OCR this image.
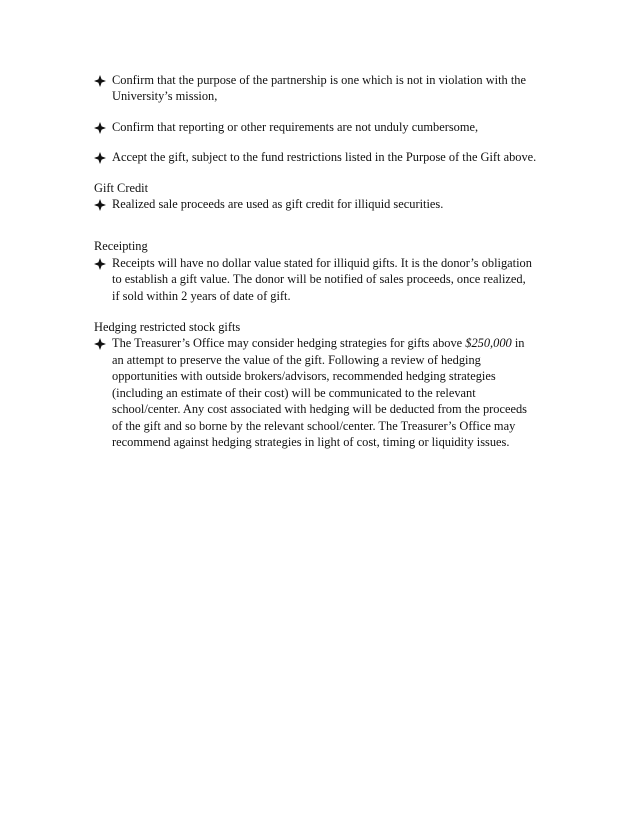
Confirm that the purpose of the partnership is one which is not in violation with the
University’s mission,
Confirm that reporting or other requirements are not unduly cumbersome,
Accept the gift, subject to the fund restrictions listed in the Purpose of the Gift above.
Gift Credit
Realized sale proceeds are used as gift credit for illiquid securities.
Receipting
Receipts will have no dollar value stated for illiquid gifts. It is the donor’s obligation
to establish a gift value. The donor will be notified of sales proceeds, once realized,
if sold within 2 years of date of gift.
Hedging restricted stock gifts
The Treasurer’s Office may consider hedging strategies for gifts above $250,000 in
an attempt to preserve the value of the gift. Following a review of hedging
opportunities with outside brokers/advisors, recommended hedging strategies
(including an estimate of their cost) will be communicated to the relevant
school/center. Any cost associated with hedging will be deducted from the proceeds
of the gift and so borne by the relevant school/center. The Treasurer’s Office may
recommend against hedging strategies in light of cost, timing or liquidity issues.
